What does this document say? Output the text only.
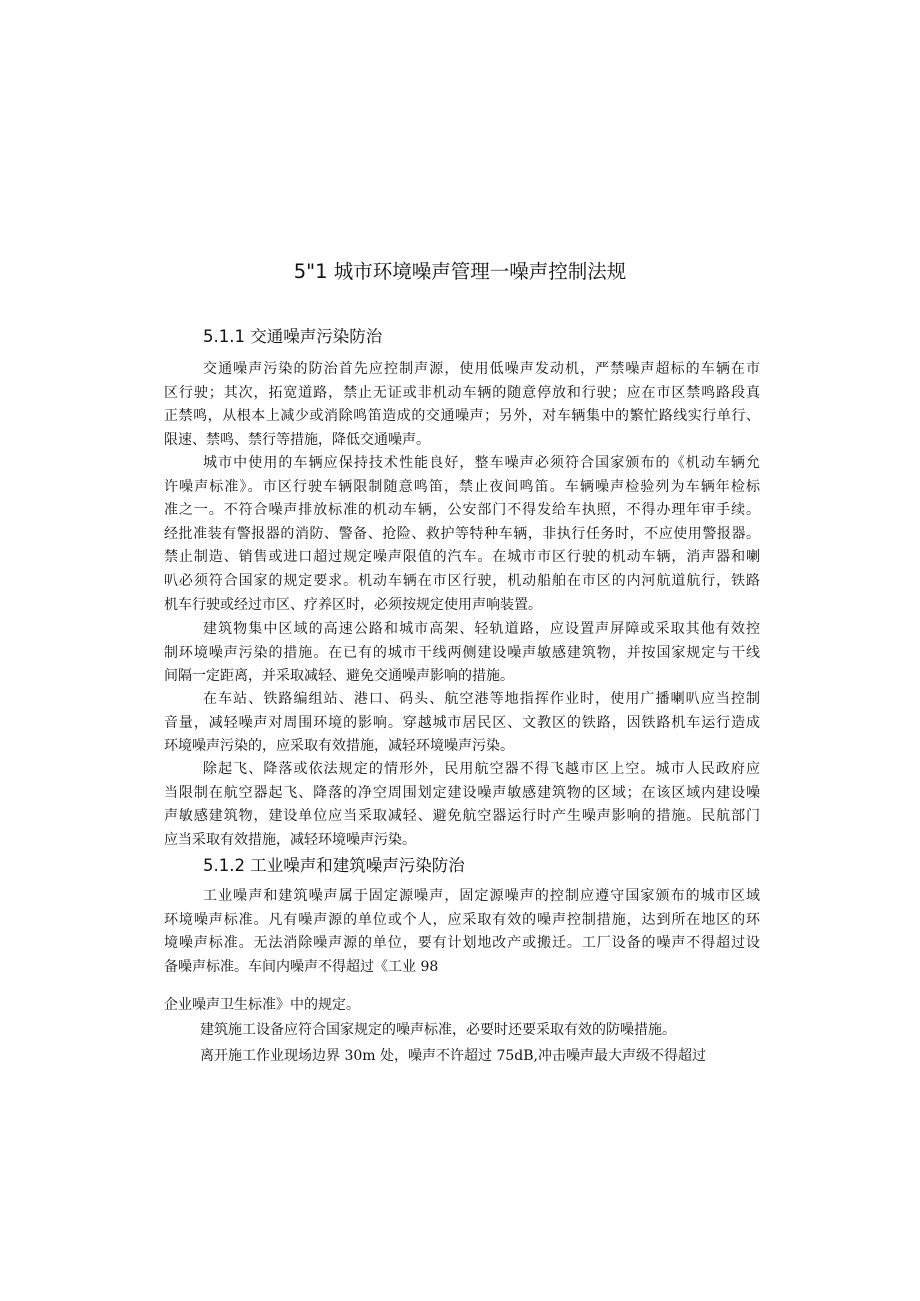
5"1 城市环境噪声管理一噪声控制法规
5.1.1 交通噪声污染防治
交通噪声污染的防治首先应控制声源，使用低噪声发动机，严禁噪声超标的车辆在市
区行驶；其次，拓宽道路，禁止无证或非机动车辆的随意停放和行驶；应在市区禁鸣路段真
正禁鸣，从根本上减少或消除鸣笛造成的交通噪声；另外，对车辆集中的繁忙路线实行单行、
限速、禁鸣、禁行等措施，降低交通噪声。
城市中使用的车辆应保持技术性能良好，整车噪声必须符合国家颁布的《机动车辆允
许噪声标准》。市区行驶车辆限制随意鸣笛，禁止夜间鸣笛。车辆噪声检验列为车辆年检标
准之一。不符合噪声排放标准的机动车辆，公安部门不得发给车执照，不得办理年审手续。
经批准装有警报器的消防、警备、抢险、救护等特种车辆，非执行任务时，不应使用警报器。
禁止制造、销售或进口超过规定噪声限值的汽车。在城市市区行驶的机动车辆，消声器和喇
叭必须符合国家的规定要求。机动车辆在市区行驶，机动船舶在市区的内河航道航行，铁路
机车行驶或经过市区、疗养区时，必须按规定使用声响装置。
建筑物集中区域的高速公路和城市高架、轻轨道路，应设置声屏障或采取其他有效控
制环境噪声污染的措施。在已有的城市干线两侧建设噪声敏感建筑物，并按国家规定与干线
间隔一定距离，并采取减轻、避免交通噪声影响的措施。
在车站、铁路编组站、港口、码头、航空港等地指挥作业时，使用广播喇叭应当控制
音量，减轻噪声对周围环境的影响。穿越城市居民区、文教区的铁路，因铁路机车运行造成
环境噪声污染的，应采取有效措施，减轻环境噪声污染。
除起飞、降落或依法规定的情形外，民用航空器不得飞越市区上空。城市人民政府应
当限制在航空器起飞、降落的净空周围划定建设噪声敏感建筑物的区域；在该区域内建设噪
声敏感建筑物，建设单位应当采取减轻、避免航空器运行时产生噪声影响的措施。民航部门
应当采取有效措施，减轻环境噪声污染。
5.1.2 工业噪声和建筑噪声污染防治
工业噪声和建筑噪声属于固定源噪声，固定源噪声的控制应遵守国家颁布的城市区域
环境噪声标准。凡有噪声源的单位或个人，应采取有效的噪声控制措施，达到所在地区的环
境噪声标准。无法消除噪声源的单位，要有计划地改产或搬迁。工厂设备的噪声不得超过设
备噪声标准。车间内噪声不得超过《工业 98
企业噪声卫生标准》中的规定。
建筑施工设备应符合国家规定的噪声标准，必要时还要采取有效的防噪措施。
离开施工作业现场边界 30m 处，噪声不许超过 75dB,冲击噪声最大声级不得超过
